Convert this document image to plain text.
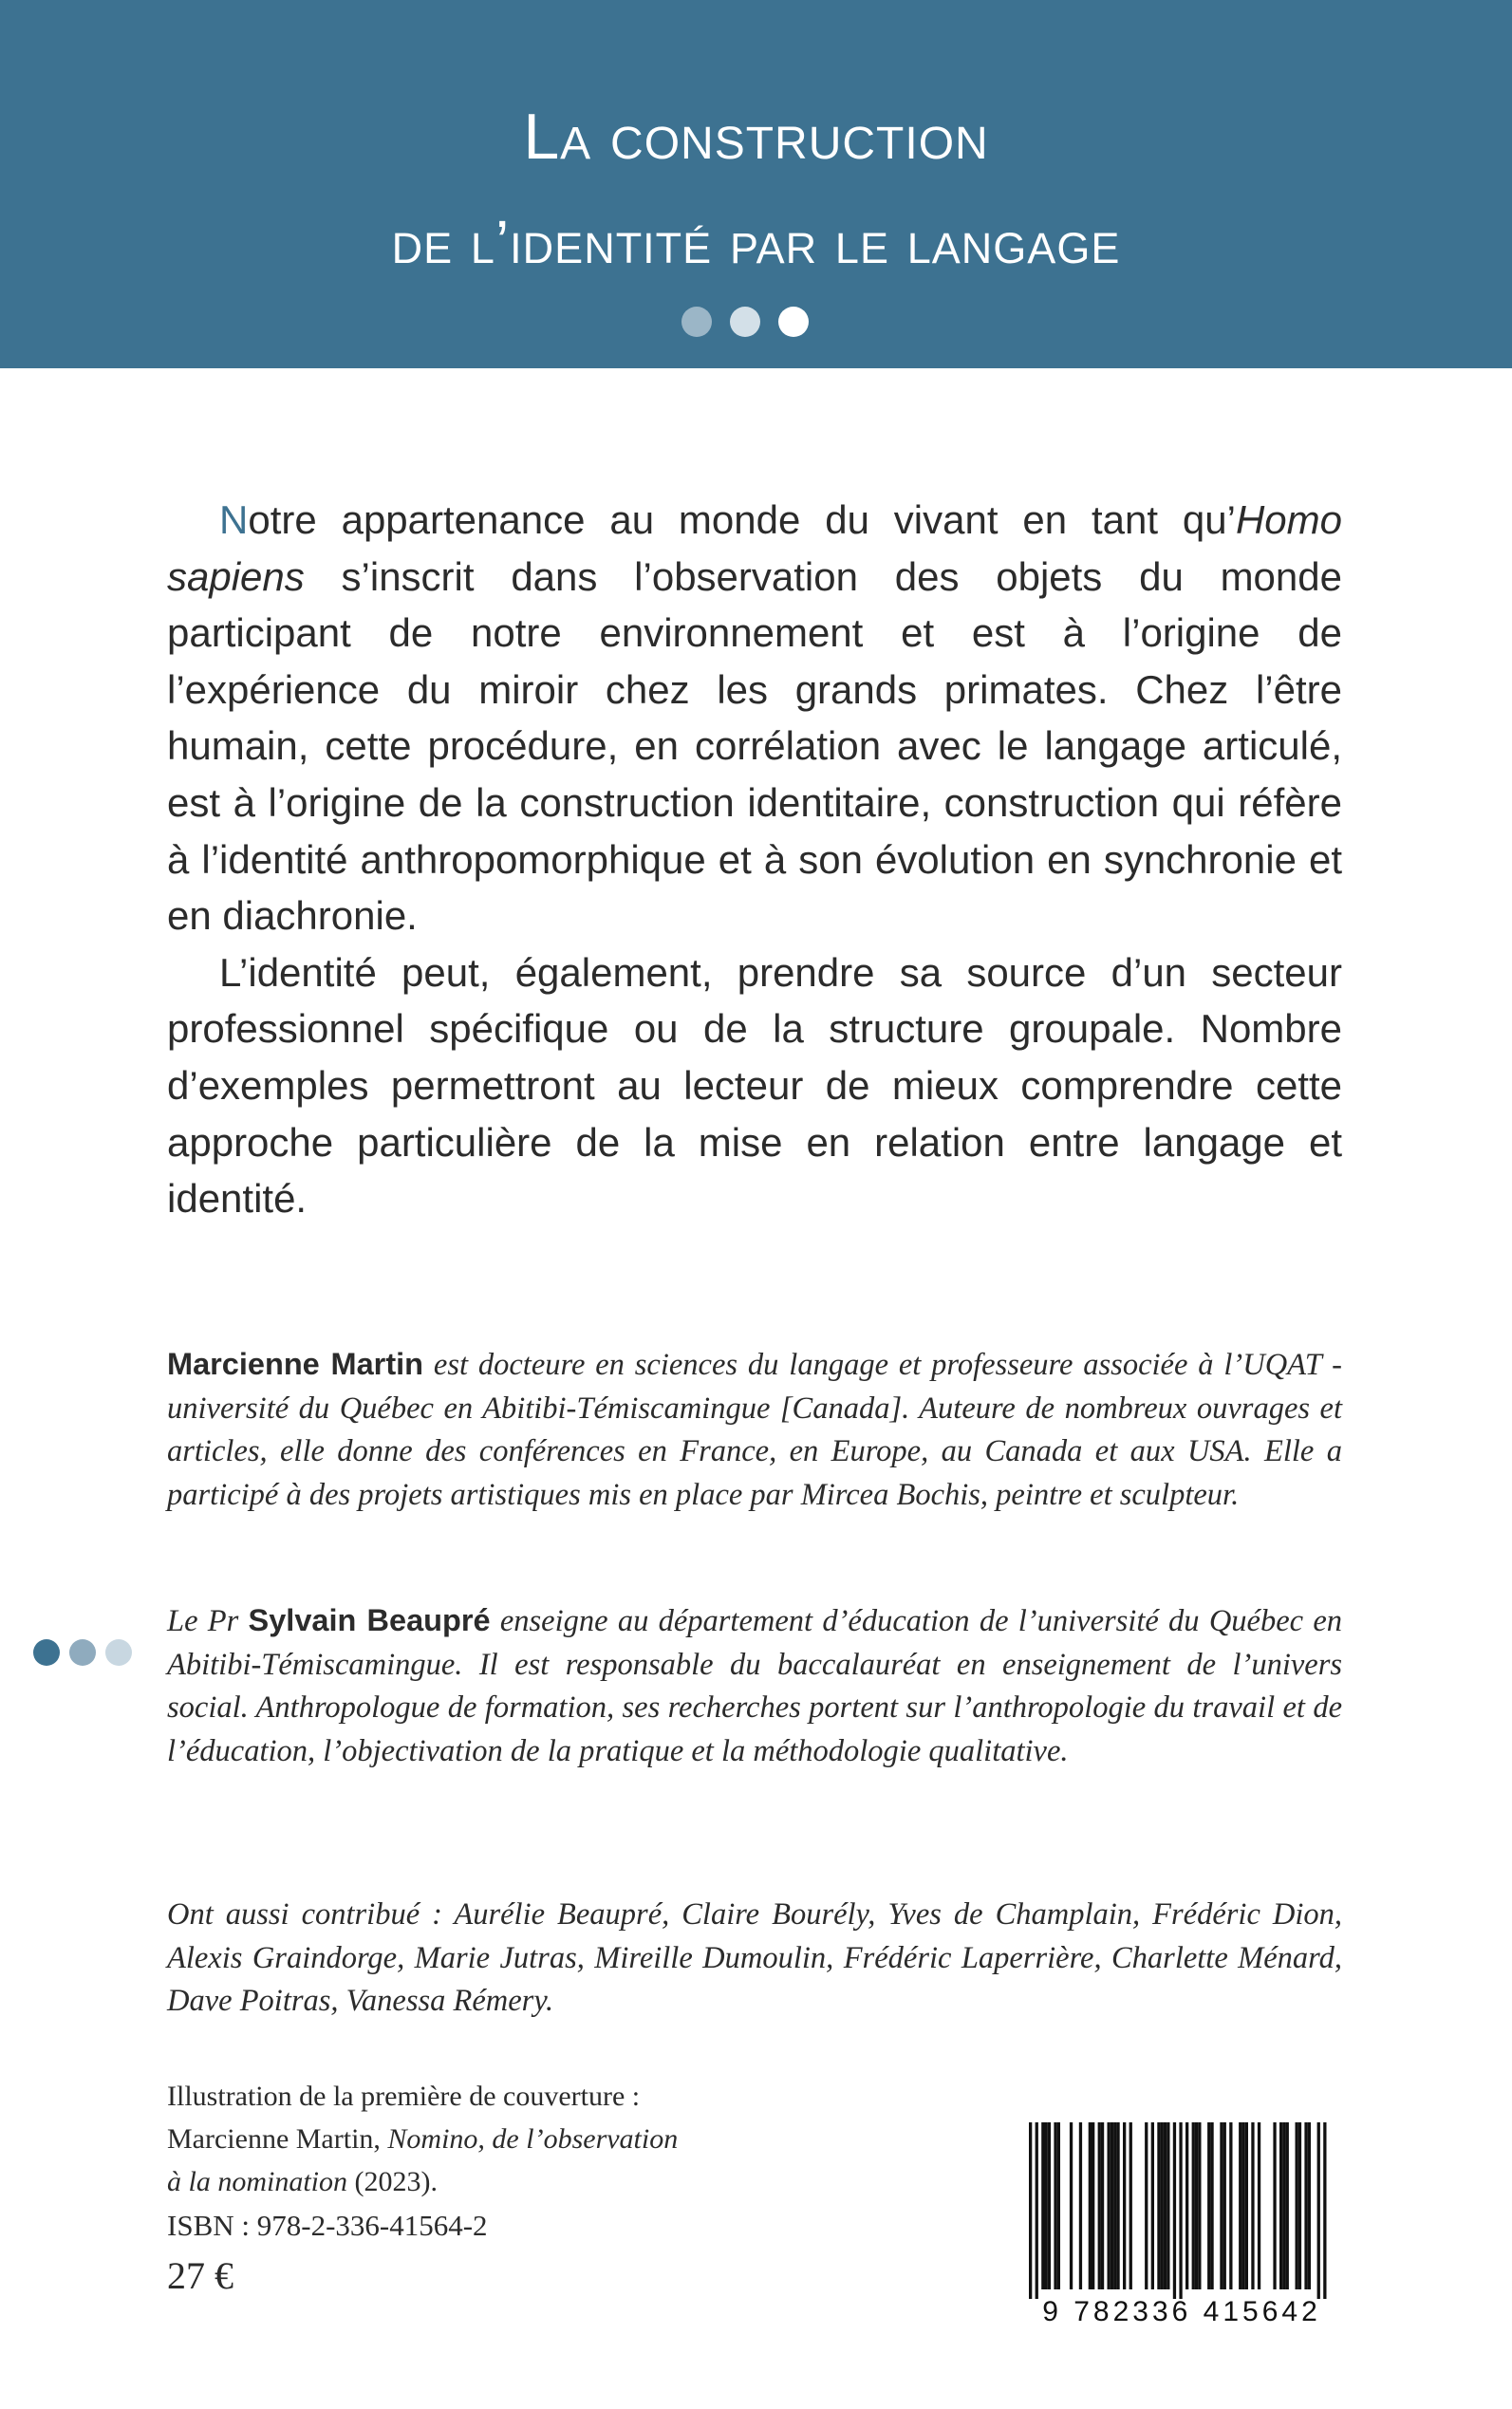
La construction
de l’identité par le langage

Notre appartenance au monde du vivant en tant qu’Homo sapiens s’inscrit dans l’observation des objets du monde participant de notre environnement et est à l’origine de l’expérience du miroir chez les grands primates. Chez l’être humain, cette procédure, en corrélation avec le langage articulé, est à l’origine de la construction identitaire, construction qui réfère à l’identité anthropomorphique et à son évolution en synchronie et en diachronie.

L’identité peut, également, prendre sa source d’un secteur professionnel spécifique ou de la structure groupale. Nombre d’exemples permettront au lecteur de mieux comprendre cette approche particulière de la mise en relation entre langage et identité.

Marcienne Martin est docteure en sciences du langage et professeure associée à l’UQAT - université du Québec en Abitibi-Témiscamingue [Canada]. Auteure de nombreux ouvrages et articles, elle donne des conférences en France, en Europe, au Canada et aux USA. Elle a participé à des projets artistiques mis en place par Mircea Bochis, peintre et sculpteur.
Le Pr Sylvain Beaupré enseigne au département d’éducation de l’université du Québec en Abitibi-Témiscamingue. Il est responsable du baccalauréat en enseignement de l’univers social. Anthropologue de formation, ses recherches portent sur l’anthropologie du travail et de l’éducation, l’objectivation de la pratique et la méthodologie qualitative.
Ont aussi contribué : Aurélie Beaupré, Claire Bourély, Yves de Champlain, Frédéric Dion, Alexis Graindorge, Marie Jutras, Mireille Dumoulin, Frédéric Laperrière, Charlette Ménard, Dave Poitras, Vanessa Rémery.
Illustration de la première de couverture :
Marcienne Martin, Nomino, de l’observation
à la nomination (2023).
ISBN : 978-2-336-41564-2
27 €
9 782336 415642
